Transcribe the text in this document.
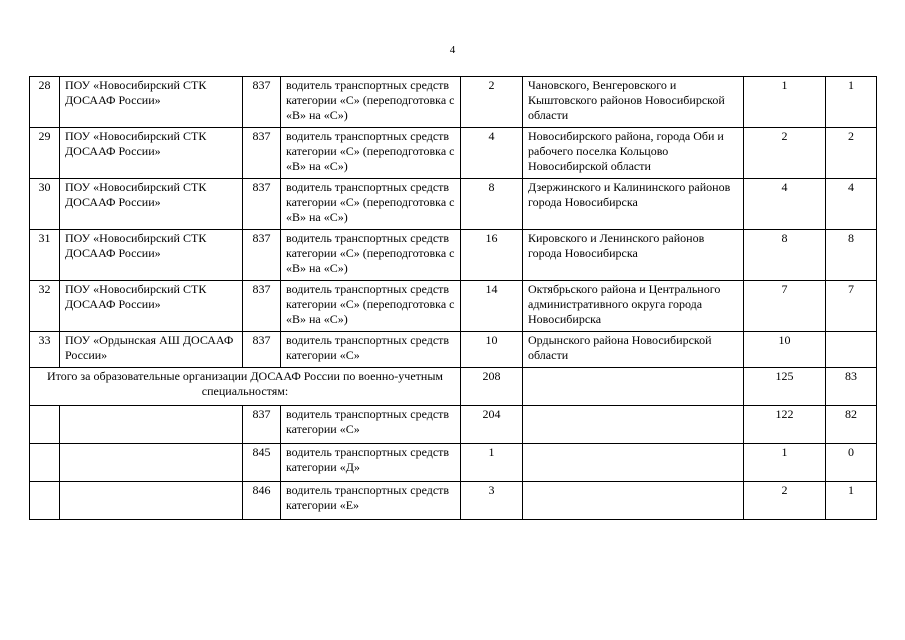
4
28	ПОУ «Новосибирский СТК ДОСААФ России»	837	водитель транспортных средств категории «С» (переподготовка с «В» на «С»)	2	Чановского, Венгеровского и Кыштовского районов Новосибирской области	1	1
29	ПОУ «Новосибирский СТК ДОСААФ России»	837	водитель транспортных средств категории «С» (переподготовка с «В» на «С»)	4	Новосибирского района, города Оби и рабочего поселка Кольцово Новосибирской области	2	2
30	ПОУ «Новосибирский СТК ДОСААФ России»	837	водитель транспортных средств категории «С» (переподготовка с «В» на «С»)	8	Дзержинского и Калининского районов города Новосибирска	4	4
31	ПОУ «Новосибирский СТК ДОСААФ России»	837	водитель транспортных средств категории «С» (переподготовка с «В» на «С»)	16	Кировского и Ленинского районов города Новосибирска	8	8
32	ПОУ «Новосибирский СТК ДОСААФ России»	837	водитель транспортных средств категории «С» (переподготовка с «В» на «С»)	14	Октябрьского района и Центрального административного округа города Новосибирска	7	7
33	ПОУ «Ордынская АШ ДОСААФ России»	837	водитель транспортных средств категории «С»	10	Ордынского района Новосибирской области	10	
Итого за образовательные организации ДОСААФ России по военно-учетным специальностям:				208		125	83
		837	водитель транспортных средств категории «С»	204		122	82
		845	водитель транспортных средств категории «Д»	1		1	0
		846	водитель транспортных средств категории «Е»	3		2	1
